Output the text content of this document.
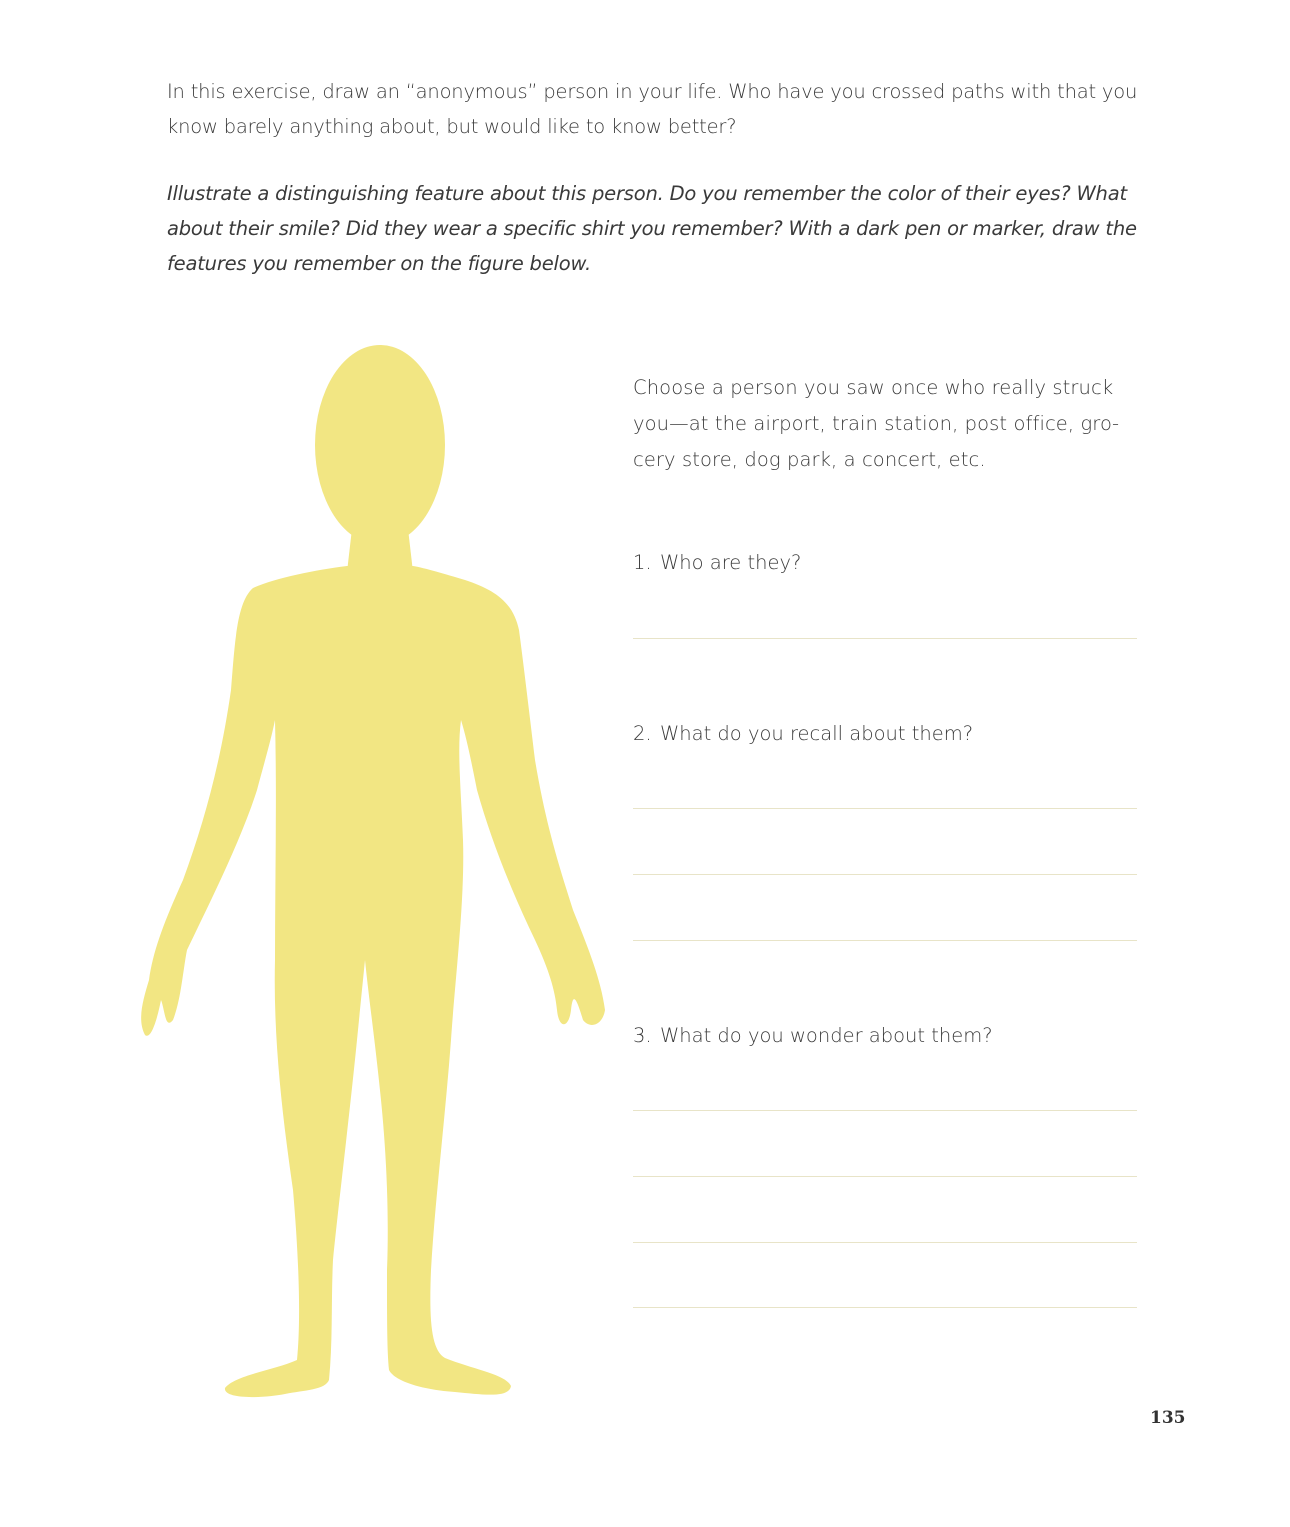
In this exercise, draw an “anonymous” person in your life. Who have you crossed paths with that you know barely anything about, but would like to know better?

Illustrate a distinguishing feature about this person. Do you remember the color of their eyes? What about their smile? Did they wear a specific shirt you remember? With a dark pen or marker, draw the features you remember on the figure below.

Choose a person you saw once who really struck you—at the airport, train station, post office, grocery store, dog park, a concert, etc.

1. Who are they?

2. What do you recall about them?

3. What do you wonder about them?

135
